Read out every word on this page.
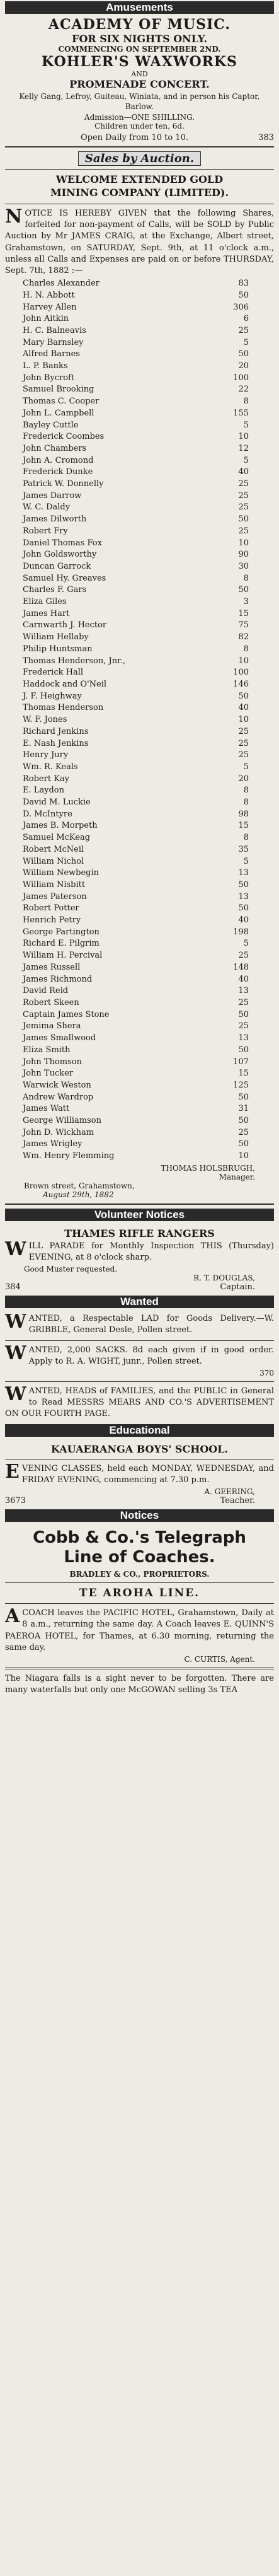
Amusements
ACADEMY OF MUSIC.
FOR SIX NIGHTS ONLY.
COMMENCING ON SEPTEMBER 2ND.
KOHLER'S WAXWORKS
AND
PROMENADE CONCERT.

Kelly Gang, Lefroy, Guiteau, Winiata, and in person his Captor, Barlow.

Admission—ONE SHILLING.
Children under ten, 6d.
Open Daily from 10 to 10.	383
Sales by Auction.
WELCOME EXTENDED GOLD
MINING COMPANY (LIMITED).

NOTICE IS HEREBY GIVEN that the following Shares, forfeited for non-payment of Calls, will be SOLD by Public Auction by Mr JAMES CRAIG, at the Exchange, Albert street, Grahamstown, on SATURDAY, Sept. 9th, at 11 o'clock a.m., unless all Calls and Expenses are paid on or before THURSDAY, Sept. 7th, 1882 :—

Charles Alexander	83
H. N. Abbott	50
Harvey Allen	306
John Aitkin	6
H. C. Balneavis	25
Mary Barnsley	5
Alfred Barnes	50
L. P. Banks	20
John Bycroft	100
Samuel Brooking	22
Thomas C. Cooper	8
John L. Campbell	155
Bayley Cuttle	5
Frederick Coombes	10
John Chambers	12
John A. Cromond	5
Frederick Dunke	40
Patrick W. Donnelly	25
James Darrow	25
W. C. Daldy	25
James Dilworth	50
Robert Fry	25
Daniel Thomas Fox	10
John Goldsworthy	90
Duncan Garrock	30
Samuel Hy. Greaves	8
Charles F. Gars	50
Eliza Giles	3
James Hart	15
Carnwarth J. Hector	75
William Hellaby	82
Philip Huntsman	8
Thomas Henderson, Jnr.,	10
Frederick Hall	100
Haddock and O'Neil	146
J. F. Heighway	50
Thomas Henderson	40
W. F. Jones	10
Richard Jenkins	25
E. Nash Jenkins	25
Henry Jury	25
Wm. R. Keals	5
Robert Kay	20
E. Laydon	8
David M. Luckie	8
D. McIntyre	98
James B. Morpeth	15
Samuel McKeag	8
Robert McNeil	35
William Nichol	5
William Newbegin	13
William Nisbitt	50
James Paterson	13
Robert Potter	50
Henrich Petry	40
George Partington	198
Richard E. Pilgrim	5
William H. Percival	25
James Russell	148
James Richmond	40
David Reid	13
Robert Skeen	25
Captain James Stone	50
Jemima Shera	25
James Smallwood	13
Eliza Smith	50
John Thomson	107
John Tucker	15
Warwick Weston	125
Andrew Wardrop	50
James Watt	31
George Williamson	50
John D. Wickham	25
James Wrigley	50
Wm. Henry Flemming	10
THOMAS HOLSBRUGH,
Manager.
Brown street, Grahamstown,
August 29th, 1882
Volunteer Notices
THAMES RIFLE RANGERS

WILL PARADE for Monthly Inspection THIS (Thursday) EVENING, at 8 o'clock sharp.

Good Muster requested.
R. T. DOUGLAS,
384	Captain.
Wanted

WANTED, a Respectable LAD for Goods Delivery.—W. GRIBBLE, General Desle, Pollen street.

WANTED, 2,000 SACKS. 8d each given if in good order. Apply to R. A. WIGHT, junr., Pollen street.

370

WANTED, HEADS of FAMILIES, and the PUBLIC in General to Read MESSRS MEARS AND CO.'S ADVERTISEMENT ON OUR FOURTH PAGE.

Educational
KAUAERANGA BOYS' SCHOOL.

EVENING CLASSES, held each MONDAY, WEDNESDAY, and FRIDAY EVENING, commencing at 7.30 p.m.

A. GEERING,
3673	Teacher.
Notices
Cobb & Co.'s Telegraph
Line of Coaches.
BRADLEY & CO., PROPRIETORS.
TE AROHA LINE.

ACOACH leaves the PACIFIC HOTEL, Grahamstown, Daily at 8 a.m., returning the same day. A Coach leaves E. QUINN'S PAEROA HOTEL, for Thames, at 6.30 morning, returning the same day.

C. CURTIS, Agent.

The Niagara falls is a sight never to be forgotten. There are many waterfalls but only one McGOWAN selling 3s TEA
